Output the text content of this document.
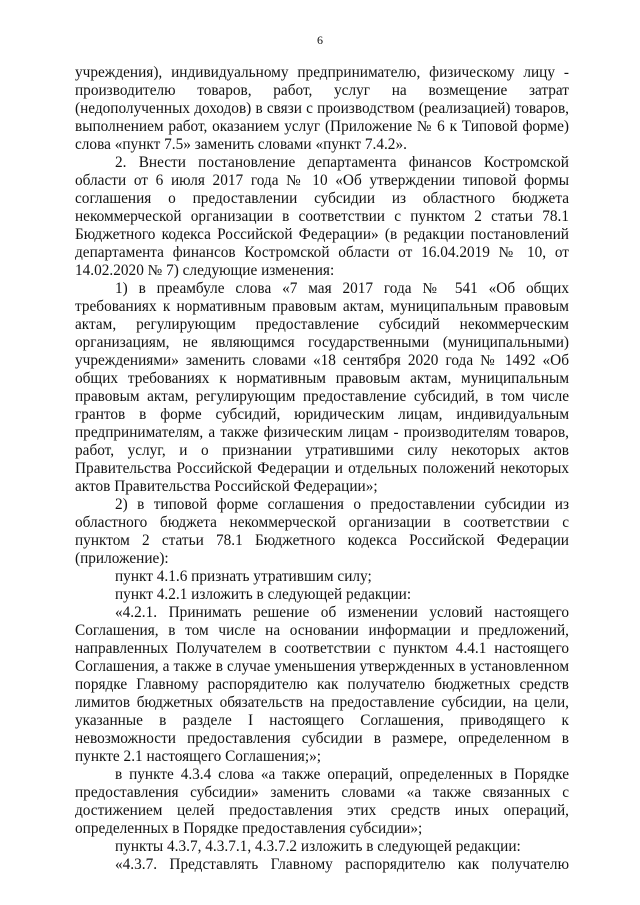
6
учреждения), индивидуальному предпринимателю, физическому лицу -
производителю товаров, работ, услуг на возмещение затрат
(недополученных доходов) в связи с производством (реализацией) товаров,
выполнением работ, оказанием услуг (Приложение № 6 к Типовой форме)
слова «пункт 7.5» заменить словами «пункт 7.4.2».
2. Внести постановление департамента финансов Костромской
области от 6 июля 2017 года № 10 «Об утверждении типовой формы
соглашения о предоставлении субсидии из областного бюджета
некоммерческой организации в соответствии с пунктом 2 статьи 78.1
Бюджетного кодекса Российской Федерации» (в редакции постановлений
департамента финансов Костромской области от 16.04.2019 № 10, от
14.02.2020 № 7) следующие изменения:
1) в преамбуле слова «7 мая 2017 года № 541 «Об общих
требованиях к нормативным правовым актам, муниципальным правовым
актам, регулирующим предоставление субсидий некоммерческим
организациям, не являющимся государственными (муниципальными)
учреждениями» заменить словами «18 сентября 2020 года № 1492 «Об
общих требованиях к нормативным правовым актам, муниципальным
правовым актам, регулирующим предоставление субсидий, в том числе
грантов в форме субсидий, юридическим лицам, индивидуальным
предпринимателям, а также физическим лицам - производителям товаров,
работ, услуг, и о признании утратившими силу некоторых актов
Правительства Российской Федерации и отдельных положений некоторых
актов Правительства Российской Федерации»;
2) в типовой форме соглашения о предоставлении субсидии из
областного бюджета некоммерческой организации в соответствии с
пунктом 2 статьи 78.1 Бюджетного кодекса Российской Федерации
(приложение):
пункт 4.1.6 признать утратившим силу;
пункт 4.2.1 изложить в следующей редакции:
«4.2.1. Принимать решение об изменении условий настоящего
Соглашения, в том числе на основании информации и предложений,
направленных Получателем в соответствии с пунктом 4.4.1 настоящего
Соглашения, а также в случае уменьшения утвержденных в установленном
порядке Главному распорядителю как получателю бюджетных средств
лимитов бюджетных обязательств на предоставление субсидии, на цели,
указанные в разделе I настоящего Соглашения, приводящего к
невозможности предоставления субсидии в размере, определенном в
пункте 2.1 настоящего Соглашения;»;
в пункте 4.3.4 слова «а также операций, определенных в Порядке
предоставления субсидии» заменить словами «а также связанных с
достижением целей предоставления этих средств иных операций,
определенных в Порядке предоставления субсидии»;
пункты 4.3.7, 4.3.7.1, 4.3.7.2 изложить в следующей редакции:
«4.3.7. Представлять Главному распорядителю как получателю
